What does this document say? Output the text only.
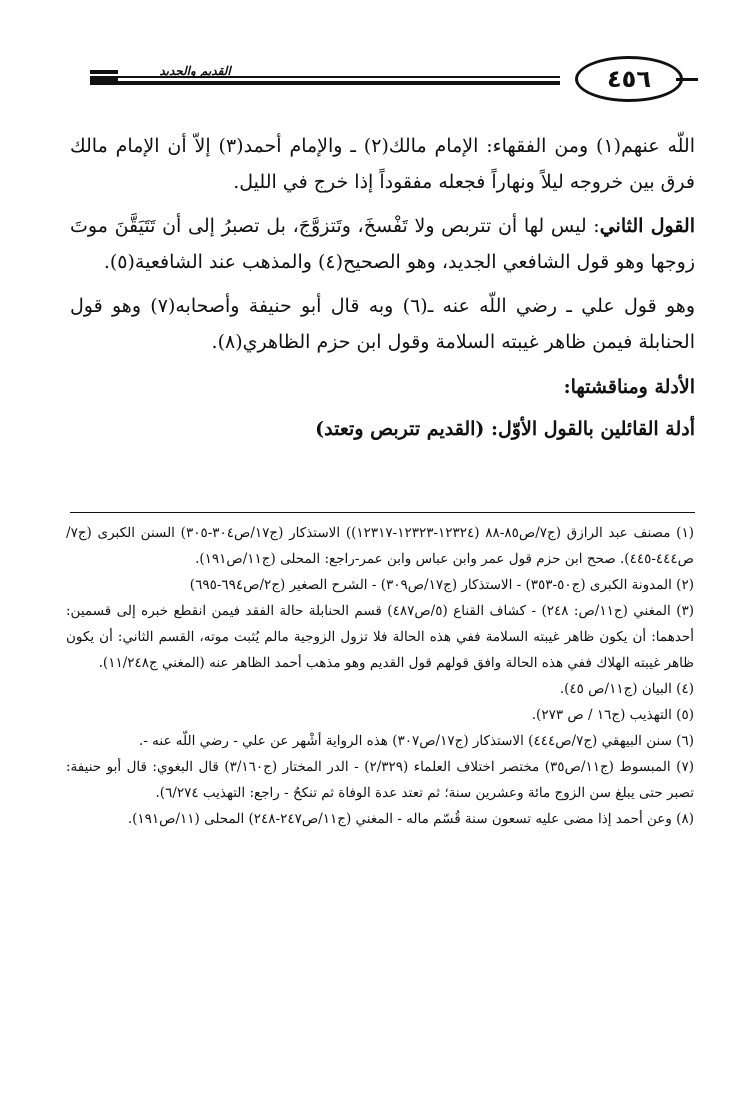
القديم والجديد	٤٥٦

اللّه عنهم(١) ومن الفقهاء: الإمام مالك(٢) ـ والإمام أحمد(٣) إلاّ أن الإمام مالك فرق بين خروجه ليلاً ونهاراً فجعله مفقوداً إذا خرج في الليل.

القول الثاني: ليس لها أن تتربص ولا تَفْسخَ، وتَتزوَّجَ، بل تصبرُ إلى أن تَتَيَقَّنَ موتَ زوجها وهو قول الشافعي الجديد، وهو الصحيح(٤) والمذهب عند الشافعية(٥).

وهو قول علي ـ رضي اللّه عنه ـ(٦) وبه قال أبو حنيفة وأصحابه(٧) وهو قول الحنابلة فيمن ظاهر غيبته السلامة وقول ابن حزم الظاهري(٨).

الأدلة ومناقشتها:

أدلة القائلين بالقول الأوّل: (القديم تتربص وتعتد)

(١) مصنف عبد الرازق (ج٧/ص٨٥-٨٨ (١٢٣٢٤-١٢٣٢٣-١٢٣١٧)) الاستذكار (ج١٧/ص٣٠٤-٣٠٥) السنن الكبرى (ج٧/ص٤٤٤-٤٤٥). صحح ابن حزم قول عمر وابن عباس وابن عمر-راجع: المحلى (ج١١/ص١٩١).

(٢) المدونة الكبرى (ج٥٠-٣٥٣) - الاستذكار (ج١٧/ص٣٠٩) - الشرح الصغير (ج٢/ص٦٩٤-٦٩٥)

(٣) المغني (ج١١/ص: ٢٤٨) - كشاف القناع (٥/ص٤٨٧) قسم الحنابلة حالة الفقد فيمن انقطع خبره إلى قسمين: أحدهما: أن يكون ظاهر غيبته السلامة ففي هذه الحالة فلا تزول الزوجية مالم يُثبت موته، القسم الثاني: أن يكون ظاهر غيبته الهلاك ففي هذه الحالة وافق قولهم قول القديم وهو مذهب أحمد الظاهر عنه (المغني ج١١/٢٤٨).

(٤) البيان (ج١١/ص ٤٥).

(٥) التهذيب (ج١٦ / ص ٢٧٣).

(٦) سنن البيهقي (ج٧/ص٤٤٤) الاستذكار (ج١٧/ص٣٠٧) هذه الرواية أشْهر عن علي - رضي اللّه عنه -.

(٧) المبسوط (ج١١/ص٣٥) مختصر اختلاف العلماء (٢/٣٢٩) - الدر المختار (ج٣/١٦٠) قال البغوي: قال أبو حنيفة: تصبر حتى يبلغ سن الزوج مائة وعشرين سنة؛ ثم تعتد عدة الوفاة ثم تنكحُ - راجع: التهذيب ٦/٢٧٤).

(٨) وعن أحمد إذا مضى عليه تسعون سنة قُسّم ماله - المغني (ج١١/ص٢٤٧-٢٤٨) المحلى (١١/ص١٩١).
